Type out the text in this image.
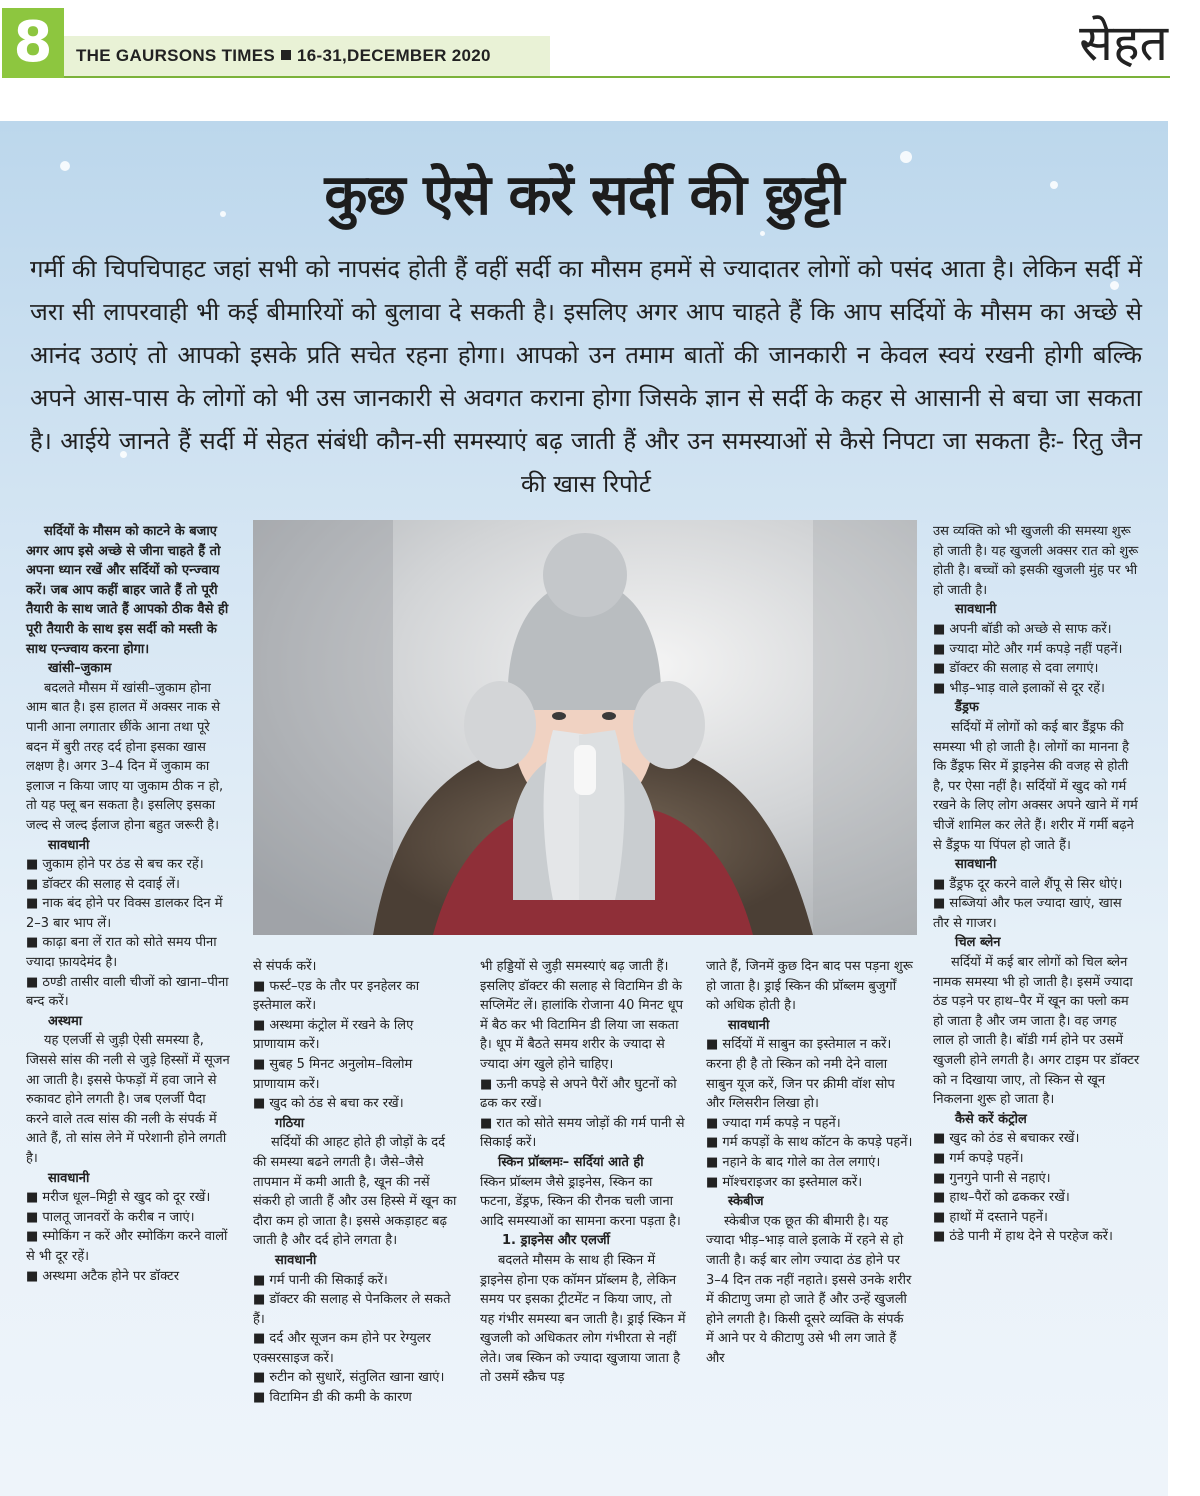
8	THE GAURSONS TIMES 16-31,DECEMBER 2020	सेहत
कुछ ऐसे करें सर्दी की छुट्टी
गर्मी की चिपचिपाहट जहां सभी को नापसंद होती हैं वहीं सर्दी का मौसम हममें से ज्यादातर लोगों को पसंद आता है। लेकिन सर्दी में जरा सी लापरवाही भी कई बीमारियों को बुलावा दे सकती है। इसलिए अगर आप चाहते हैं कि आप सर्दियों के मौसम का अच्छे से आनंद उठाएं तो आपको इसके प्रति सचेत रहना होगा। आपको उन तमाम बातों की जानकारी न केवल स्वयं रखनी होगी बल्कि अपने आस-पास के लोगों को भी उस जानकारी से अवगत कराना होगा जिसके ज्ञान से सर्दी के कहर से आसानी से बचा जा सकता है। आईये जानते हैं सर्दी में सेहत संबंधी कौन-सी समस्याएं बढ़ जाती हैं और उन समस्याओं से कैसे निपटा जा सकता हैः- रितु जैन की खास रिपोर्ट

सर्दियों के मौसम को काटने के बजाए अगर आप इसे अच्छे से जीना चाहते हैं तो अपना ध्यान रखें और सर्दियों को एन्ज्वाय करें। जब आप कहीं बाहर जाते हैं तो पूरी तैयारी के साथ जाते हैं आपको ठीक वैसे ही पूरी तैयारी के साथ इस सर्दी को मस्ती के साथ एन्ज्वाय करना होगा।

खांसी–जुकाम

बदलते मौसम में खांसी–जुकाम होना आम बात है। इस हालत में अक्सर नाक से पानी आना लगातार छींके आना तथा पूरे बदन में बुरी तरह दर्द होना इसका खास लक्षण है। अगर 3–4 दिन में जुकाम का इलाज न किया जाए या जुकाम ठीक न हो, तो यह फ्लू बन सकता है। इसलिए इसका जल्द से जल्द ईलाज होना बहुत जरूरी है।

सावधानी

■ जुकाम होने पर ठंड से बच कर रहें।

■ डॉक्टर की सलाह से दवाई लें।

■ नाक बंद होने पर विक्स डालकर दिन में 2–3 बार भाप लें।

■ काढ़ा बना लें रात को सोते समय पीना ज्यादा फ़ायदेमंद है।

■ ठण्डी तासीर वाली चीजों को खाना–पीना बन्द करें।

अस्थमा

यह एलर्जी से जुड़ी ऐसी समस्या है, जिससे सांस की नली से जुड़े हिस्सों में सूजन आ जाती है। इससे फेफड़ों में हवा जाने से रुकावट होने लगती है। जब एलर्जी पैदा करने वाले तत्व सांस की नली के संपर्क में आते हैं, तो सांस लेने में परेशानी होने लगती है।

सावधानी

■ मरीज धूल–मिट्टी से खुद को दूर रखें।

■ पालतू जानवरों के करीब न जाएं।

■ स्मोकिंग न करें और स्मोकिंग करने वालों से भी दूर रहें।

■ अस्थमा अटैक होने पर डॉक्टर

से संपर्क करें।

■ फर्स्ट–एड के तौर पर इनहेलर का इस्तेमाल करें।

■ अस्थमा कंट्रोल में रखने के लिए प्राणायाम करें।

■ सुबह 5 मिनट अनुलोम–विलोम प्राणायाम करें।

■ खुद को ठंड से बचा कर रखें।

गठिया

सर्दियों की आहट होते ही जोड़ों के दर्द की समस्या बढने लगती है। जैसे–जैसे तापमान में कमी आती है, खून की नसें संकरी हो जाती हैं और उस हिस्से में खून का दौरा कम हो जाता है। इससे अकड़ाहट बढ़ जाती है और दर्द होने लगता है।

सावधानी

■ गर्म पानी की सिकाई करें।

■ डॉक्टर की सलाह से पेनकिलर ले सकते हैं।

■ दर्द और सूजन कम होने पर रेग्युलर एक्सरसाइज करें।

■ रुटीन को सुधारें, संतुलित खाना खाएं।

■ विटामिन डी की कमी के कारण

भी हड्डियों से जुड़ी समस्याएं बढ़ जाती हैं। इसलिए डॉक्टर की सलाह से विटामिन डी के सप्लिमेंट लें। हालांकि रोजाना 40 मिनट धूप में बैठ कर भी विटामिन डी लिया जा सकता है। धूप में बैठते समय शरीर के ज्यादा से ज्यादा अंग खुले होने चाहिए।

■ ऊनी कपड़े से अपने पैरों और घुटनों को ढक कर रखें।

■ रात को सोते समय जोड़ों की गर्म पानी से सिकाई करें।

स्किन प्रॉब्लमः– सर्दियां आते ही

स्किन प्रॉब्लम जैसे ड्राइनेस, स्किन का फटना, डेंड्रफ, स्किन की रौनक चली जाना आदि समस्याओं का सामना करना पड़ता है।

1. ड्राइनेस और एलर्जी

बदलते मौसम के साथ ही स्किन में ड्राइनेस होना एक कॉमन प्रॉब्लम है, लेकिन समय पर इसका ट्रीटमेंट न किया जाए, तो यह गंभीर समस्या बन जाती है। ड्राई स्किन में खुजली को अधिकतर लोग गंभीरता से नहीं लेते। जब स्किन को ज्यादा खुजाया जाता है तो उसमें स्क्रैच पड़

जाते हैं, जिनमें कुछ दिन बाद पस पड़ना शुरू हो जाता है। ड्राई स्किन की प्रॉब्लम बुजुर्गों को अधिक होती है।

सावधानी

■ सर्दियों में साबुन का इस्तेमाल न करें। करना ही है तो स्किन को नमी देने वाला साबुन यूज करें, जिन पर क्रीमी वॉश सोप और ग्लिसरीन लिखा हो।

■ ज्यादा गर्म कपड़े न पहनें।

■ गर्म कपड़ों के साथ कॉटन के कपड़े पहनें।

■ नहाने के बाद गोले का तेल लगाएं।

■ मॉश्चराइजर का इस्तेमाल करें।

स्केबीज

स्केबीज एक छूत की बीमारी है। यह ज्यादा भीड़–भाड़ वाले इलाके में रहने से हो जाती है। कई बार लोग ज्यादा ठंड होने पर 3–4 दिन तक नहीं नहाते। इससे उनके शरीर में कीटाणु जमा हो जाते हैं और उन्हें खुजली होने लगती है। किसी दूसरे व्यक्ति के संपर्क में आने पर ये कीटाणु उसे भी लग जाते हैं और

उस व्यक्ति को भी खुजली की समस्या शुरू हो जाती है। यह खुजली अक्सर रात को शुरू होती है। बच्चों को इसकी खुजली मुंह पर भी हो जाती है।

सावधानी

■ अपनी बॉडी को अच्छे से साफ करें।

■ ज्यादा मोटे और गर्म कपड़े नहीं पहनें।

■ डॉक्टर की सलाह से दवा लगाएं।

■ भीड़–भाड़ वाले इलाकों से दूर रहें।

डैंड्रफ

सर्दियों में लोगों को कई बार डैंड्रफ की समस्या भी हो जाती है। लोगों का मानना है कि डैंड्रफ सिर में ड्राइनेस की वजह से होती है, पर ऐसा नहीं है। सर्दियों में खुद को गर्म रखने के लिए लोग अक्सर अपने खाने में गर्म चीजें शामिल कर लेते हैं। शरीर में गर्मी बढ़ने से डैंड्रफ या पिंपल हो जाते हैं।

सावधानी

■ डैंड्रफ दूर करने वाले शैंपू से सिर धोएं।

■ सब्जियां और फल ज्यादा खाएं, खास तौर से गाजर।

चिल ब्लेन

सर्दियों में कई बार लोगों को चिल ब्लेन नामक समस्या भी हो जाती है। इसमें ज्यादा ठंड पड़ने पर हाथ–पैर में खून का फ्लो कम हो जाता है और जम जाता है। वह जगह लाल हो जाती है। बॉडी गर्म होने पर उसमें खुजली होने लगती है। अगर टाइम पर डॉक्टर को न दिखाया जाए, तो स्किन से खून निकलना शुरू हो जाता है।

कैसे करें कंट्रोल

■ खुद को ठंड से बचाकर रखें।

■ गर्म कपड़े पहनें।

■ गुनगुने पानी से नहाएं।

■ हाथ–पैरों को ढककर रखें।

■ हाथों में दस्ताने पहनें।

■ ठंडे पानी में हाथ देने से परहेज करें।
